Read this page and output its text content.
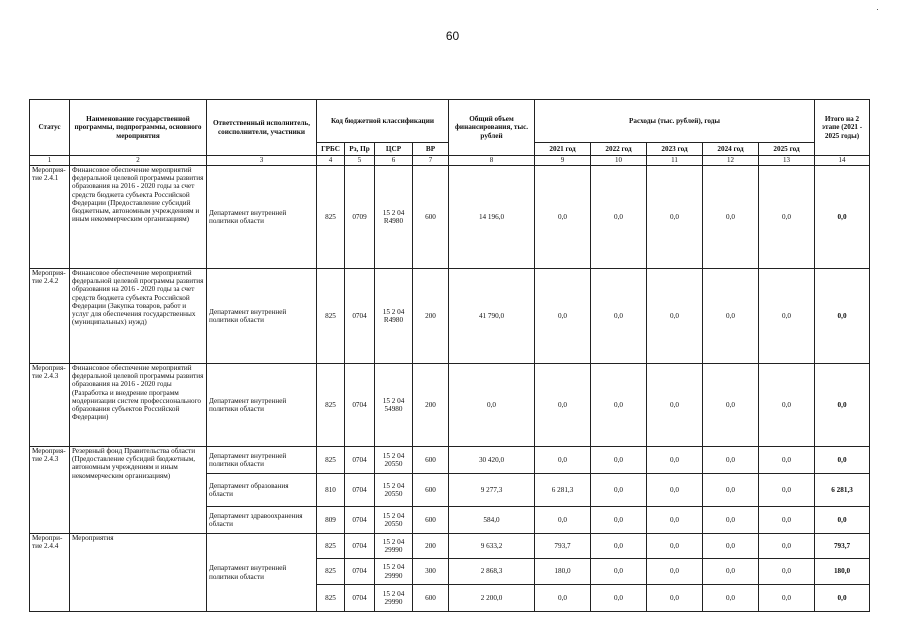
60
Статус	Наименование государственной программы, подпрограммы, основного мероприятия	Ответственный исполнитель, соисполнители, участники	Код бюджетной классификации				Общий объем финансирования, тыс. рублей	Расходы (тыс. рублей), годы					Итого на 2 этапе (2021 - 2025 годы)
			ГРБС	Рз, Пр	ЦСР	ВР		2021 год	2022 год	2023 год	2024 год	2025 год	
1	2	3	4	5	6	7	8	9	10	11	12	13	14
Мероприя- тие 2.4.1	Финансовое обеспечение мероприятий федеральной целевой программы развития образования на 2016 - 2020 годы за счет средств бюджета субъекта Российской Федерации (Предоставление субсидий бюджетным, автономным учреждениям и иным некоммерческим организациям)	Департамент внутренней политики области	825	0709	15 2 04 R4980	600	14 196,0	0,0	0,0	0,0	0,0	0,0	0,0
Мероприя- тие 2.4.2	Финансовое обеспечение мероприятий федеральной целевой программы развития образования на 2016 - 2020 годы за счет средств бюджета субъекта Российской Федерации (Закупка товаров, работ и услуг для обеспечения государственных (муниципальных) нужд)	Департамент внутренней политики области	825	0704	15 2 04 R4980	200	41 790,0	0,0	0,0	0,0	0,0	0,0	0,0
Мероприя- тие 2.4.3	Финансовое обеспечение мероприятий федеральной целевой программы развития образования на 2016 - 2020 годы (Разработка и внедрение программ модернизации систем профессионального образования субъектов Российской Федерации)	Департамент внутренней политики области	825	0704	15 2 04 54980	200	0,0	0,0	0,0	0,0	0,0	0,0	0,0
Мероприя- тие 2.4.3	Резервный фонд Правительства области (Предоставление субсидий бюджетным, автономным учреждениям и иным некоммерческим организациям)	Департамент внутренней политики области	825	0704	15 2 04 20550	600	30 420,0	0,0	0,0	0,0	0,0	0,0	0,0
		Департамент образования области	810	0704	15 2 04 20550	600	9 277,3	6 281,3	0,0	0,0	0,0	0,0	6 281,3
		Департамент здравоохранения области	809	0704	15 2 04 20550	600	584,0	0,0	0,0	0,0	0,0	0,0	0,0
Меропри- тие 2.4.4	Мероприятия	Департамент внутренней политики области	825	0704	15 2 04 29990	200	9 633,2	793,7	0,0	0,0	0,0	0,0	793,7
			825	0704	15 2 04 29990	300	2 868,3	180,0	0,0	0,0	0,0	0,0	180,0
			825	0704	15 2 04 29990	600	2 200,0	0,0	0,0	0,0	0,0	0,0	0,0
